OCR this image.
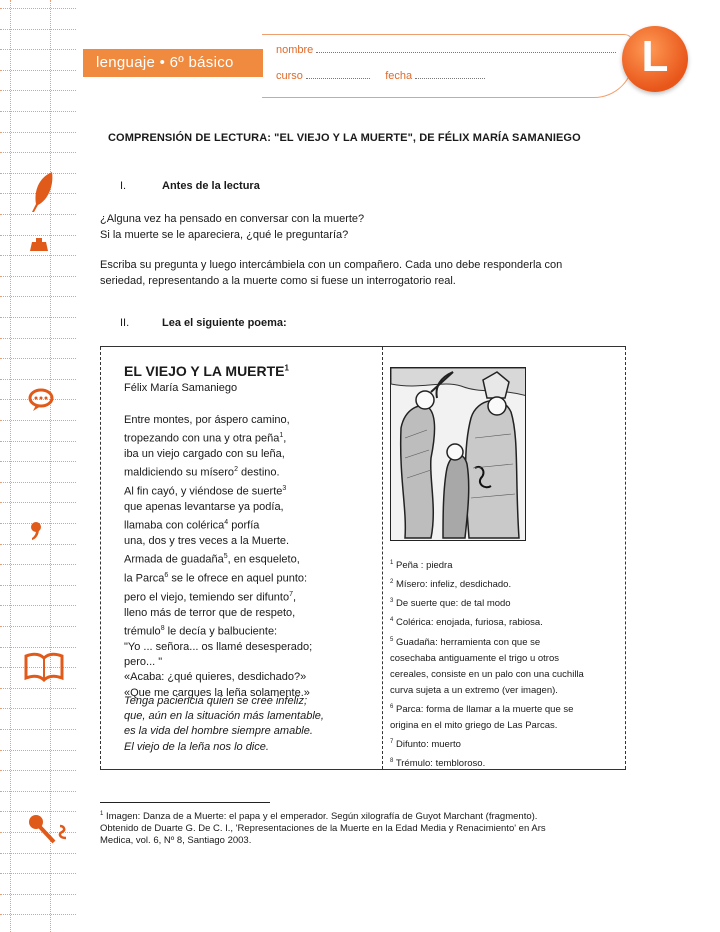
lenguaje • 6º básico
nombre
curso	fecha	L
COMPRENSIÓN DE LECTURA: "EL VIEJO Y LA MUERTE", DE FÉLIX MARÍA SAMANIEGO
I.	Antes de la lectura
¿Alguna vez ha pensado en conversar con la muerte?
Si la muerte se le apareciera, ¿qué le preguntaría?
Escriba su pregunta y luego intercámbiela con un compañero. Cada uno debe responderla con
seriedad, representando a la muerte como si fuese un interrogatorio real.
II.	Lea el siguiente poema:
EL VIEJO Y LA MUERTE$^1$
Félix María Samaniego
Entre montes, por áspero camino,
tropezando con una y otra peña$^1$,
iba un viejo cargado con su leña,
maldiciendo su mísero$^2$ destino.
Al fin cayó, y viéndose de suerte$^3$
que apenas levantarse ya podía,
llamaba con colérica$^4$ porfía
una, dos y tres veces a la Muerte.
Armada de guadaña$^5$, en esqueleto,
la Parca$^6$ se le ofrece en aquel punto:
pero el viejo, temiendo ser difunto$^7$,
lleno más de terror que de respeto,
trémulo$^8$ le decía y balbuciente:
"Yo ... señora... os llamé desesperado;
pero... "
«Acaba: ¿qué quieres, desdichado?»
«Que me cargues la leña solamente.»
Tenga paciencia quien se cree infeliz;
que, aún en la situación más lamentable,
es la vida del hombre siempre amable.
El viejo de la leña nos lo dice.
$^1$ Peña : piedra
$^2$ Mísero: infeliz, desdichado.
$^3$ De suerte que: de tal modo
$^4$ Colérica: enojada, furiosa, rabiosa.
$^5$ Guadaña: herramienta con que se
cosechaba antiguamente el trigo u otros
cereales, consiste en un palo con una cuchilla
curva sujeta a un extremo (ver imagen).
$^6$ Parca: forma de llamar a la muerte que se
origina en el mito griego de Las Parcas.
$^7$ Difunto: muerto
$^8$ Trémulo: tembloroso.
$^1$ Imagen: Danza de a Muerte: el papa y el emperador. Según xilografía de Guyot Marchant (fragmento).
Obtenido de Duarte G. De C. I., 'Representaciones de la Muerte en la Edad Media y Renacimiento' en Ars
Medica, vol. 6, Nº 8, Santiago 2003.
